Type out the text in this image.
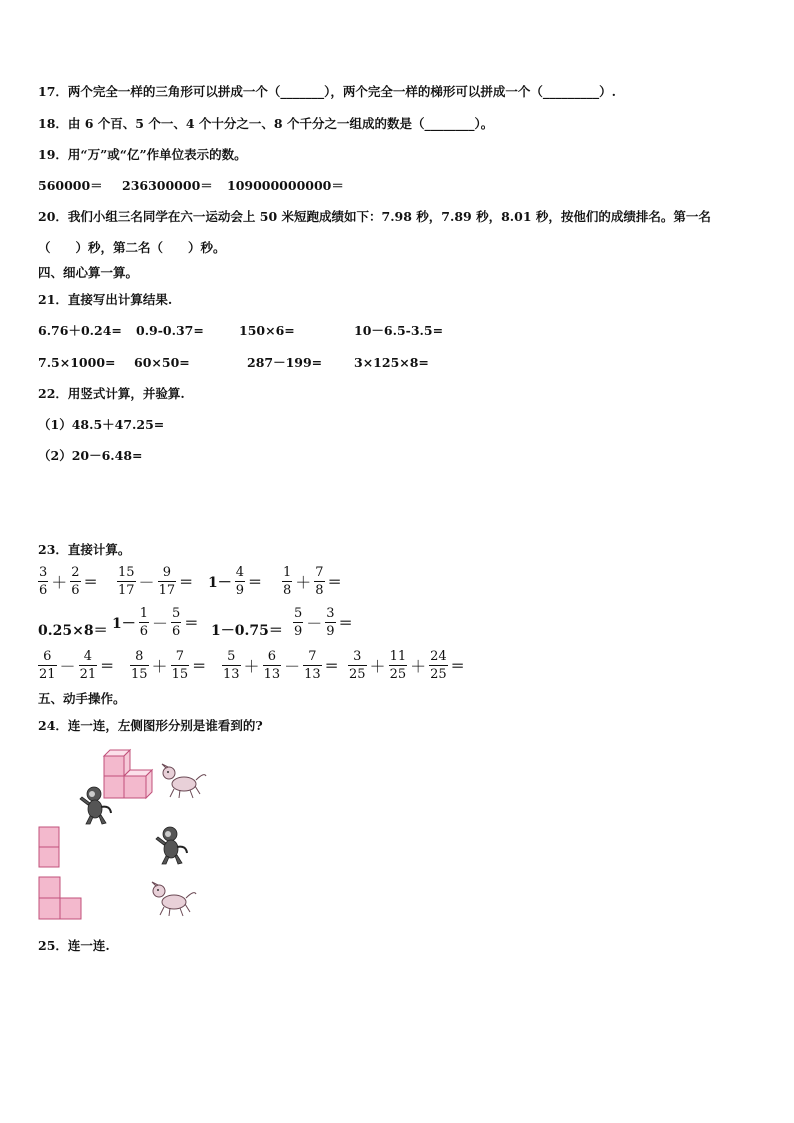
17．两个完全一样的三角形可以拼成一个（_______），两个完全一样的梯形可以拼成一个（_________）.
18．由 6 个百、5 个一、4 个十分之一、8 个千分之一组成的数是（________）。
19．用“万”或“亿”作单位表示的数。
560000＝ 236300000＝ 109000000000＝
20．我们小组三名同学在六一运动会上 50 米短跑成绩如下：7.98 秒，7.89 秒，8.01 秒，按他们的成绩排名。第一名
（　　）秒，第二名（　　）秒。
四、细心算一算。
21．直接写出计算结果.
6.76＋0.24= 0.9-0.37=	150×6=	10－6.5-3.5=
7.5×1000= 60×50=	287－199=	3×125×8=
22．用竖式计算，并验算.
（1）48.5＋47.25=
（2）20－6.48=
23．直接计算。
$\frac{3}{6} + \frac{2}{6} = \frac{15}{17} - \frac{9}{17} = 1- \frac{4}{9} = \frac{1}{8} + \frac{7}{8}$ ＝
$0.25\times 8= 1- \frac{1}{6} - \frac{5}{6} = 1-0.75= \frac{5}{9} - \frac{3}{9}$ ＝
$\frac{6}{21} - \frac{4}{21} = \frac{8}{15} + \frac{7}{15} = \frac{5}{13} + \frac{6}{13} - \frac{7}{13} = \frac{3}{25} + \frac{11}{25} + \frac{24}{25}$ ＝
五、动手操作。
24．连一连，左侧图形分别是谁看到的?
25．连一连.
